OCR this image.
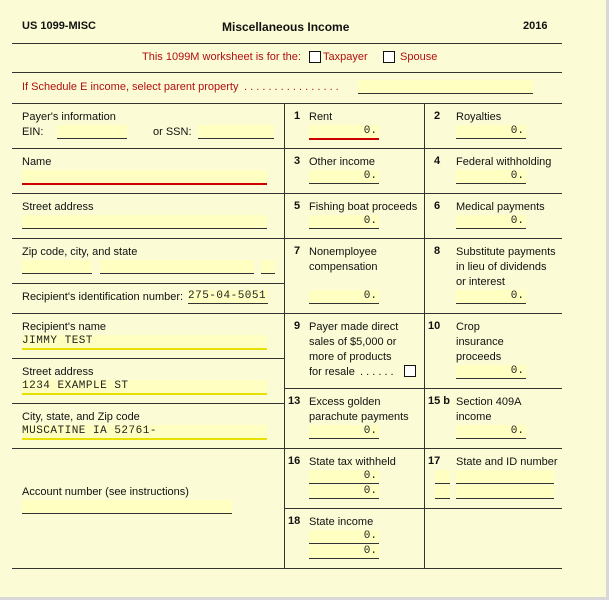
US 1099-MISC	Miscellaneous Income	2016
This 1099M worksheet is for the: Taxpayer	Spouse
If Schedule E income, select parent property . . . . . . . . . . . . . . . .
Payer's information
EIN:	or SSN:
Name
Street address
Zip code, city, and state
Recipient's identification number: 275-04-5051
Recipient's name
JIMMY TEST
Street address
1234 EXAMPLE ST
City, state, and Zip code
MUSCATINE IA 52761-
Account number (see instructions)
1 Rent
0.
2 Royalties
0.
3 Other income
0.
4 Federal withholding
0.
5 Fishing boat proceeds
0.
6 Medical payments
0.
7 Nonemployee
compensation
0.
8 Substitute payments
in lieu of dividends
or interest
0.
9 Payer made direct
sales of $5,000 or
more of products
for resale . . . . . .
10 Crop
insurance
proceeds
0.
13 Excess golden
parachute payments
0.
15 b Section 409A
income
0.
16 State tax withheld
0.
0.
17 State and ID number
18 State income
0.
0.
